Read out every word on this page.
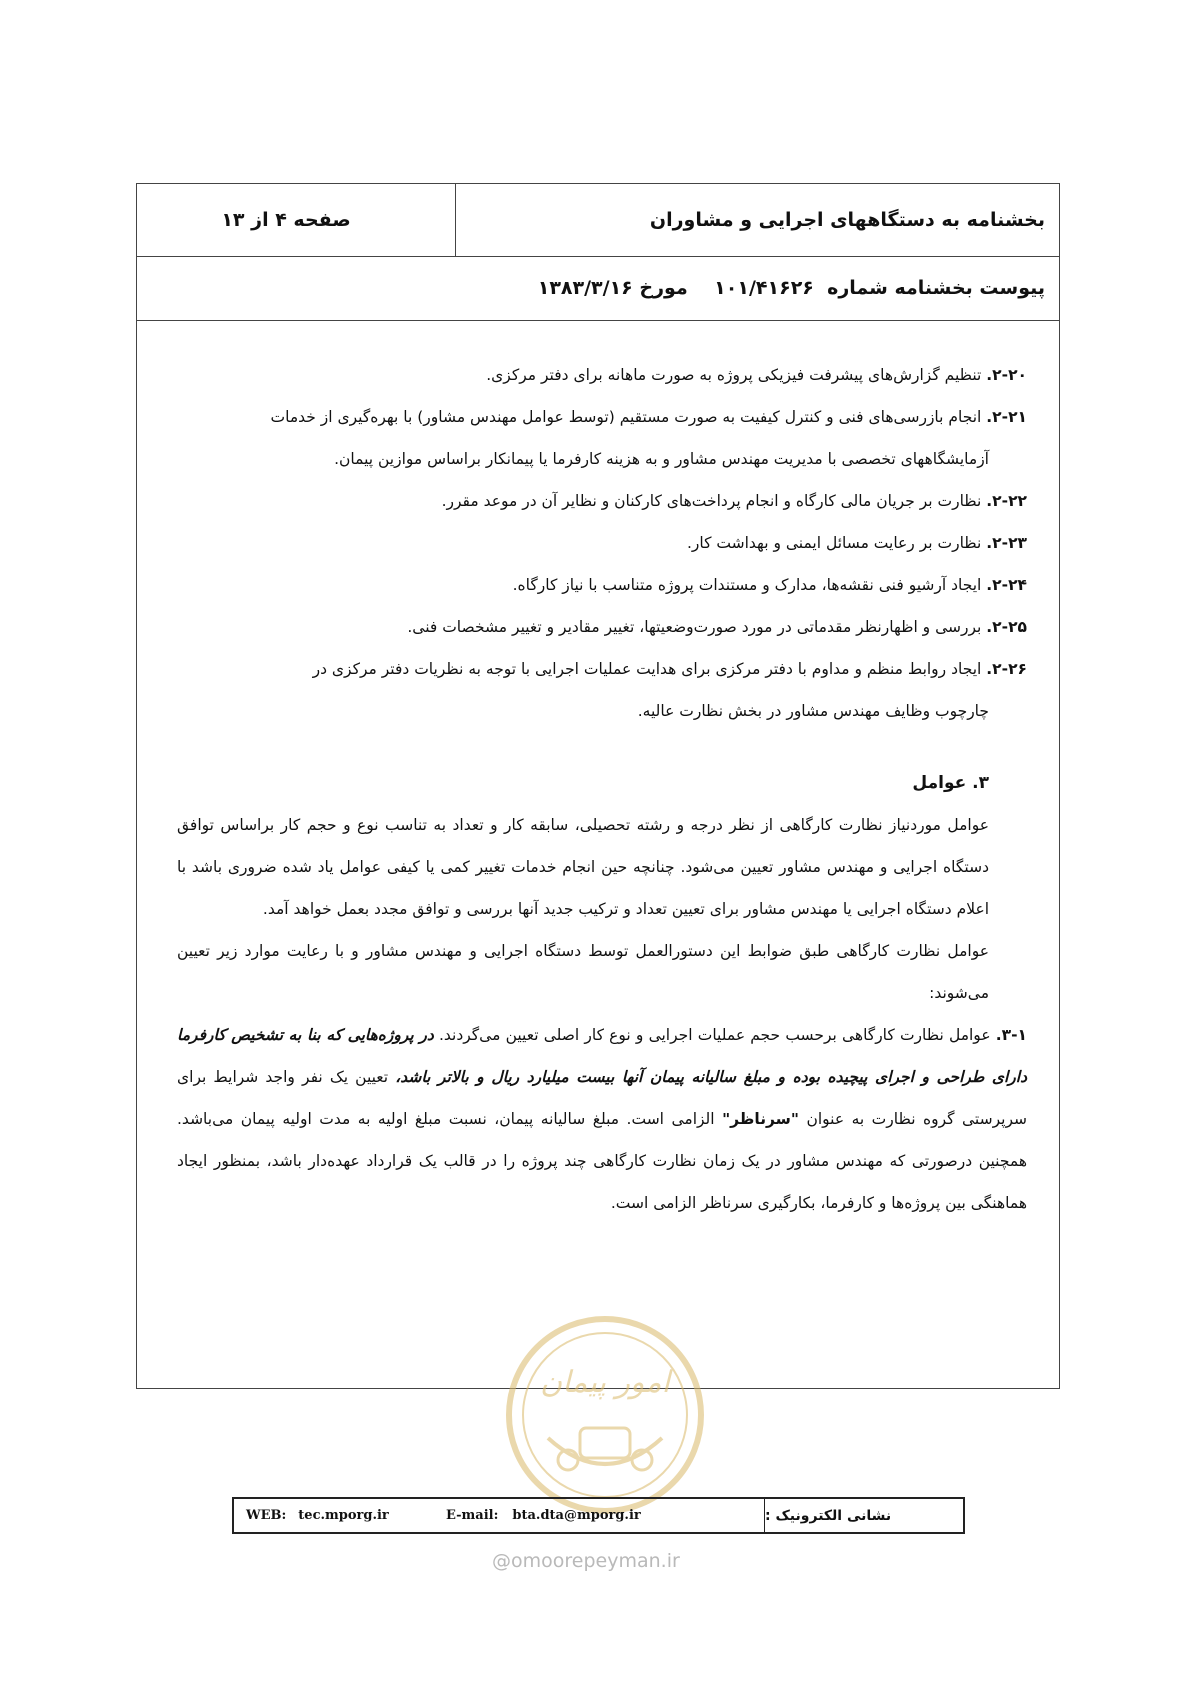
بخشنامه به دستگاههای اجرایی و مشاوران
صفحه ۴ از ۱۳
پیوست بخشنامه شماره  ۱۰۱/۴۱۶۲۶    مورخ ۱۳۸۳/۳/۱۶

۲-۲۰. تنظیم گزارش‌های پیشرفت فیزیکی پروژه به صورت ماهانه برای دفتر مرکزی.

۲-۲۱. انجام بازرسی‌های فنی و کنترل کیفیت به صورت مستقیم (توسط عوامل مهندس مشاور) با بهره‌گیری از خدمات

آزمایشگاههای تخصصی با مدیریت مهندس مشاور و به هزینه کارفرما یا پیمانکار براساس موازین پیمان.

۲-۲۲. نظارت بر جریان مالی کارگاه و انجام پرداخت‌های کارکنان و نظایر آن در موعد مقرر.

۲-۲۳. نظارت بر رعایت مسائل ایمنی و بهداشت کار.

۲-۲۴. ایجاد آرشیو فنی نقشه‌ها، مدارک و مستندات پروژه متناسب با نیاز کارگاه.

۲-۲۵. بررسی و اظهارنظر مقدماتی در مورد صورت‌وضعیتها، تغییر مقادیر و تغییر مشخصات فنی.

۲-۲۶. ایجاد روابط منظم و مداوم با دفتر مرکزی برای هدایت عملیات اجرایی با توجه به نظریات دفتر مرکزی در

چارچوب وظایف مهندس مشاور در بخش نظارت عالیه.

۳. عوامل

عوامل موردنیاز نظارت کارگاهی از نظر درجه و رشته تحصیلی، سابقه کار و تعداد به تناسب نوع و حجم کار براساس توافق دستگاه اجرایی و مهندس مشاور تعیین می‌شود. چنانچه حین انجام خدمات تغییر کمی یا کیفی عوامل یاد شده ضروری باشد با اعلام دستگاه اجرایی یا مهندس مشاور برای تعیین تعداد و ترکیب جدید آنها بررسی و توافق مجدد بعمل خواهد آمد.

عوامل نظارت کارگاهی طبق ضوابط این دستورالعمل توسط دستگاه اجرایی و مهندس مشاور و با رعایت موارد زیر تعیین می‌شوند:

۳-۱. عوامل نظارت کارگاهی برحسب حجم عملیات اجرایی و نوع کار اصلی تعیین می‌گردند. در پروژه‌هایی که بنا به تشخیص کارفرما دارای طراحی و اجرای پیچیده بوده و مبلغ سالیانه پیمان آنها بیست میلیارد ریال و بالاتر باشد، تعیین یک نفر واجد شرایط برای سرپرستی گروه نظارت به عنوان "سرناظر" الزامی است. مبلغ سالیانه پیمان، نسبت مبلغ اولیه به مدت اولیه پیمان می‌باشد. همچنین درصورتی که مهندس مشاور در یک زمان نظارت کارگاهی چند پروژه را در قالب یک قرارداد عهده‌دار باشد، بمنظور ایجاد هماهنگی بین پروژه‌ها و کارفرما، بکارگیری سرناظر الزامی است.

امور پیمان
WEB: tec.mporg.ir	E-mail: bta.dta@mporg.ir	نشانی الکترونیک :
@omoorepeyman.ir
